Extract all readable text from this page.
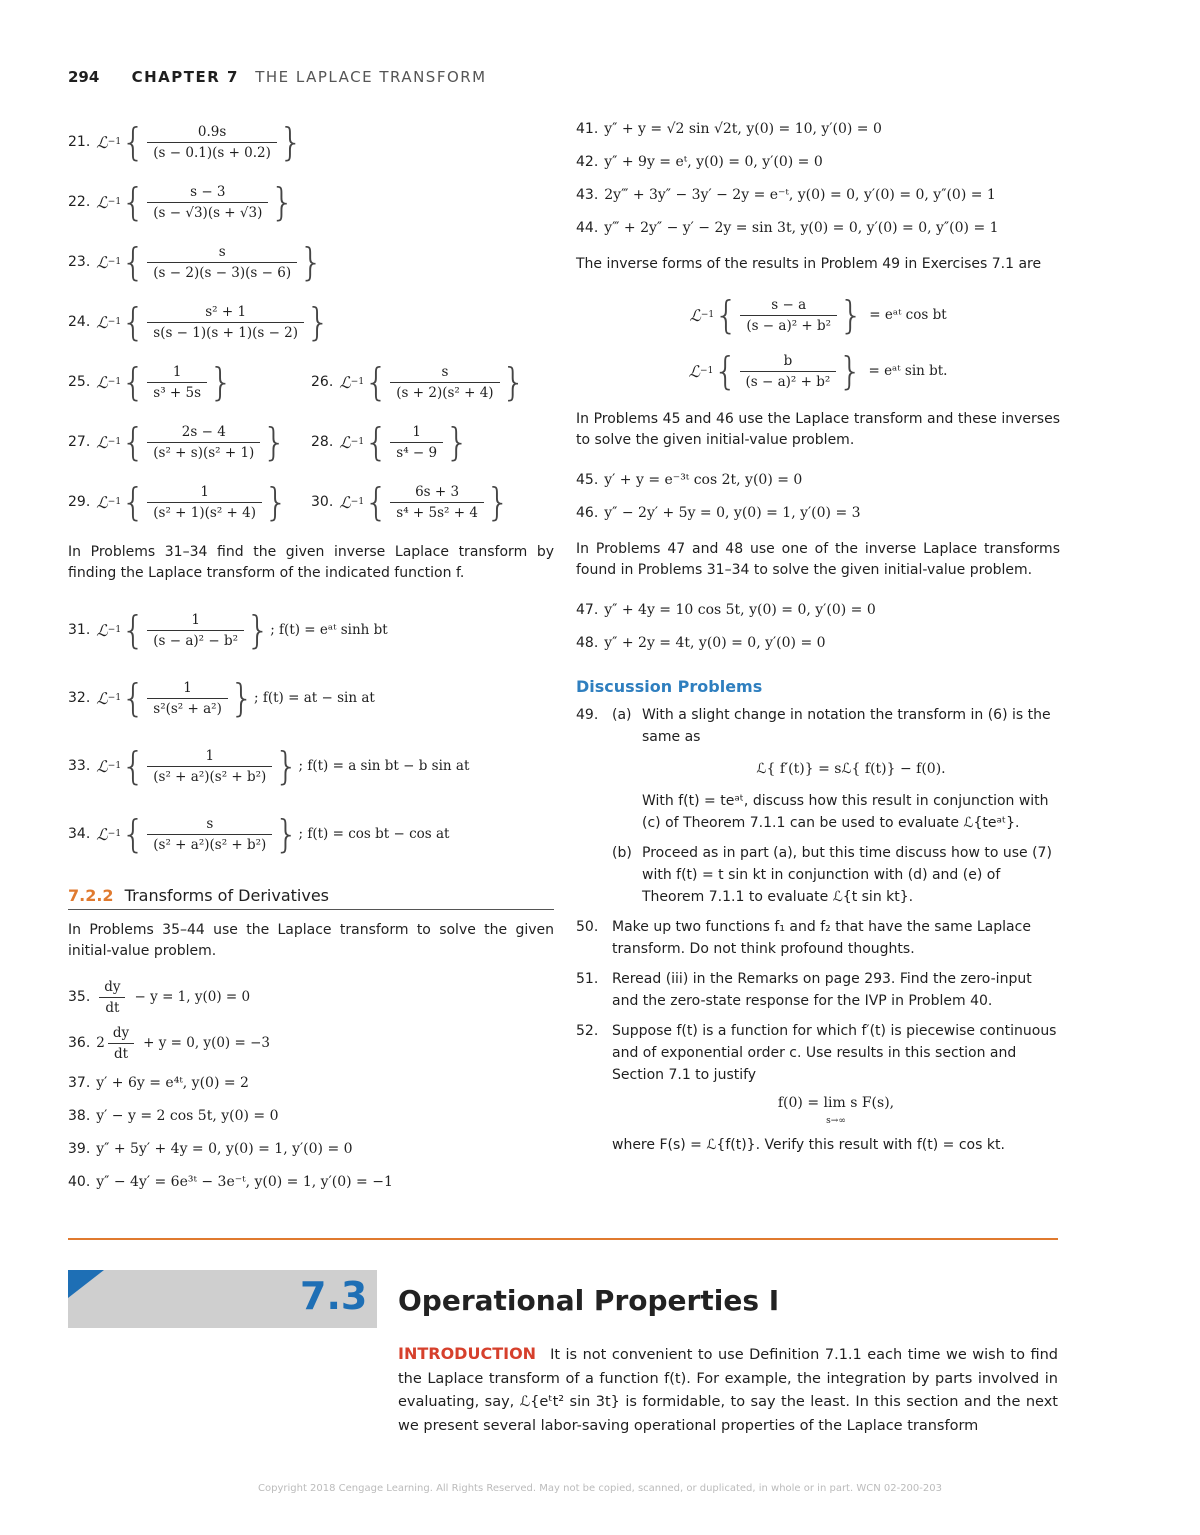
294 CHAPTER 7 THE LAPLACE TRANSFORM
21. ℒ −1 { $\frac{0.9s}{(s - 0.1)(s + 0.2)}$ }
22. ℒ −1 { $\frac{s - 3}{(s - √3)(s + √3)}$ }
23. ℒ −1 { $\frac{s}{(s - 2)(s - 3)(s - 6)}$ }
24. ℒ −1 { $\frac{\text{s² + 1}}{s(s - 1)(s + 1)(s - 2)}$ }
25. ℒ −1 { $\frac{1}{\text{s³ + 5s}}$ }	26. ℒ −1 { $\frac{s}{\text{(s + 2)(s² + 4)}}$ }
27. ℒ −1 { $\frac{2s - 4}{\text{(s² + s)(s² + 1)}}$ } 28. ℒ −1 { $\frac{1}{\text{s⁴ − 9}}$ }
29. ℒ −1 { $\frac{1}{\text{(s² + 1)(s² + 4)}}$ } 30. ℒ −1 { $\frac{6s + 3}{\text{s⁴ + 5s² + 4}}$ }

In Problems 31–34 find the given inverse Laplace transform by finding the Laplace transform of the indicated function f.

31. ℒ −1 { $\frac{1}{\text{(s − a)² − b²}}$ } ; f(t) = eᵃᵗ sinh bt
32. ℒ −1 { $\frac{1}{\text{s²(s² + a²)}}$ } ; f(t) = at − sin at
33. ℒ −1 { $\frac{1}{\text{(s² + a²)(s² + b²)}}$ } ; f(t) = a sin bt − b sin at
34. ℒ −1 { $\frac{s}{\text{(s² + a²)(s² + b²)}}$ } ; f(t) = cos bt − cos at
7.2.2 Transforms of Derivatives

In Problems 35–44 use the Laplace transform to solve the given initial-value problem.

35. $\frac{dy}{dt} - y = 1$, y(0) = 0
36. $2 \frac{dy}{dt} + y = 0$, y(0) = −3
37. y′ + 6y = e⁴ᵗ, y(0) = 2
38. y′ − y = 2 cos 5t, y(0) = 0
39. y″ + 5y′ + 4y = 0, y(0) = 1, y′(0) = 0
40. y″ − 4y′ = 6e³ᵗ − 3e⁻ᵗ, y(0) = 1, y′(0) = −1
41. y″ + y = √2 sin √2t, y(0) = 10, y′(0) = 0
42. y″ + 9y = eᵗ, y(0) = 0, y′(0) = 0
43. 2y‴ + 3y″ − 3y′ − 2y = e⁻ᵗ, y(0) = 0, y′(0) = 0, y″(0) = 1
44. y‴ + 2y″ − y′ − 2y = sin 3t, y(0) = 0, y′(0) = 0, y″(0) = 1

The inverse forms of the results in Problem 49 in Exercises 7.1 are

ℒ −1 { $\frac{s - a}{\text{(s − a)² + b²}}$ } = eᵃᵗ cos bt
ℒ −1 { $\frac{b}{\text{(s − a)² + b²}}$ } = eᵃᵗ sin bt.

In Problems 45 and 46 use the Laplace transform and these inverses to solve the given initial-value problem.

45. y′ + y = e⁻³ᵗ cos 2t, y(0) = 0
46. y″ − 2y′ + 5y = 0, y(0) = 1, y′(0) = 3

In Problems 47 and 48 use one of the inverse Laplace transforms found in Problems 31–34 to solve the given initial-value problem.

47. y″ + 4y = 10 cos 5t, y(0) = 0, y′(0) = 0
48. y″ + 2y = 4t, y(0) = 0, y′(0) = 0
Discussion Problems
49. (a) With a slight change in notation the transform in (6) is the same as
ℒ{ f′(t)} = sℒ{ f(t)} − f(0).
With f(t) = teᵃᵗ, discuss how this result in conjunction with (c) of Theorem 7.1.1 can be used to evaluate ℒ{teᵃᵗ}.
(b) Proceed as in part (a), but this time discuss how to use (7) with f(t) = t sin kt in conjunction with (d) and (e) of Theorem 7.1.1 to evaluate ℒ{t sin kt}.
50. Make up two functions f₁ and f₂ that have the same Laplace transform. Do not think profound thoughts.
51. Reread (iii) in the Remarks on page 293. Find the zero-input and the zero-state response for the IVP in Problem 40.
52. Suppose f(t) is a function for which f′(t) is piecewise continuous and of exponential order c. Use results in this section and Section 7.1 to justify
f(0) = lim s F(s),
s→∞
where F(s) = ℒ{f(t)}. Verify this result with f(t) = cos kt.
7.3 Operational Properties I
INTRODUCTION It is not convenient to use Definition 7.1.1 each time we wish to find the Laplace transform of a function f(t). For example, the integration by parts involved in evaluating, say, ℒ{eᵗt² sin 3t} is formidable, to say the least. In this section and the next we present several labor-saving operational properties of the Laplace transform
Copyright 2018 Cengage Learning. All Rights Reserved. May not be copied, scanned, or duplicated, in whole or in part. WCN 02-200-203
